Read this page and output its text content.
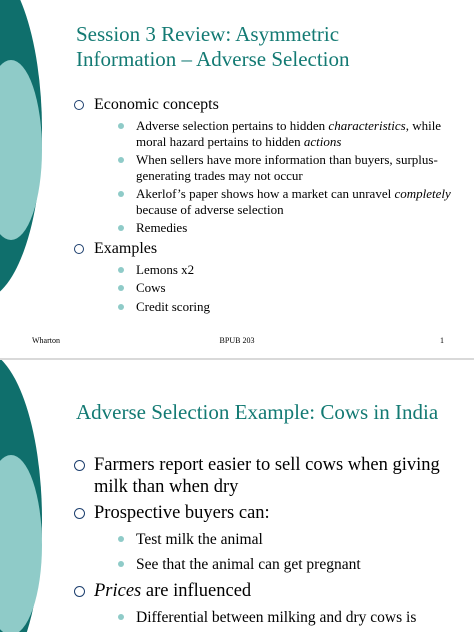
Session 3 Review: Asymmetric
Information – Adverse Selection
Economic concepts
Adverse selection pertains to hidden characteristics, while moral hazard pertains to hidden actions
When sellers have more information than buyers, surplus-generating trades may not occur
Akerlof’s paper shows how a market can unravel completely because of adverse selection
Remedies
Examples
Lemons x2
Cows
Credit scoring
Wharton	BPUB 203	1
Adverse Selection Example: Cows in India
Farmers report easier to sell cows when giving milk than when dry
Prospective buyers can:
Test milk the animal
See that the animal can get pregnant
Prices are influenced
Differential between milking and dry cows is
